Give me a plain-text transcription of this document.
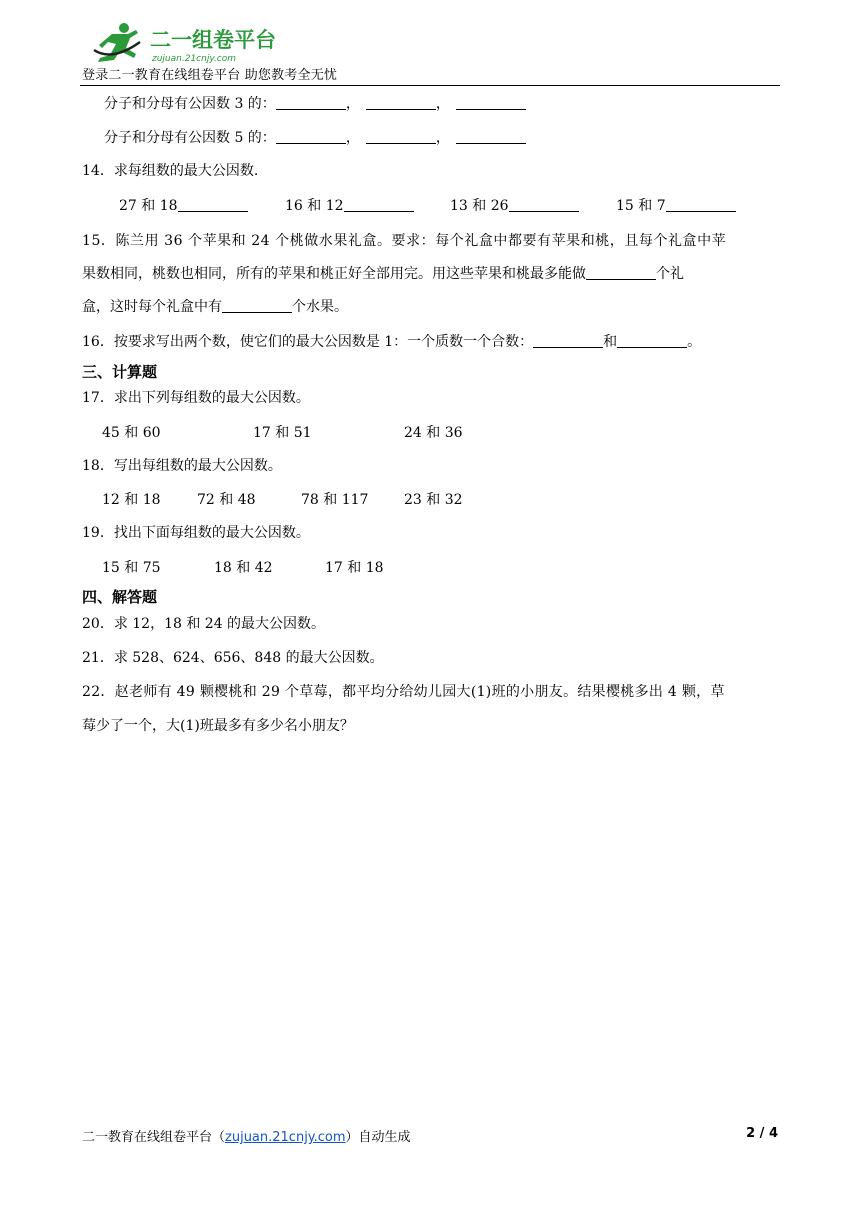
二一组卷平台
zujuan.21cnjy.com
登录二一教育在线组卷平台 助您教考全无忧
分子和分母有公因数 3 的：	，	，
分子和分母有公因数 5 的：	，	，
14．求每组数的最大公因数.
27 和 18	16 和 12	13 和 26	15 和 7
15．陈兰用 36 个苹果和 24 个桃做水果礼盒。要求：每个礼盒中都要有苹果和桃，且每个礼盒中苹
果数相同，桃数也相同，所有的苹果和桃正好全部用完。用这些苹果和桃最多能做	个礼
盒，这时每个礼盒中有	个水果。
16．按要求写出两个数，使它们的最大公因数是 1：一个质数一个合数：	和	。
三、计算题
17．求出下列每组数的最大公因数。
45 和 60	17 和 51	24 和 36
18．写出每组数的最大公因数。
12 和 18	72 和 48	78 和 117	23 和 32
19．找出下面每组数的最大公因数。
15 和 75	18 和 42	17 和 18
四、解答题
20．求 12，18 和 24 的最大公因数。
21．求 528、624、656、848 的最大公因数。
22．赵老师有 49 颗樱桃和 29 个草莓，都平均分给幼儿园大(1)班的小朋友。结果樱桃多出 4 颗，草
莓少了一个，大(1)班最多有多少名小朋友？
二一教育在线组卷平台（zujuan.21cnjy.com）自动生成	2 / 4
